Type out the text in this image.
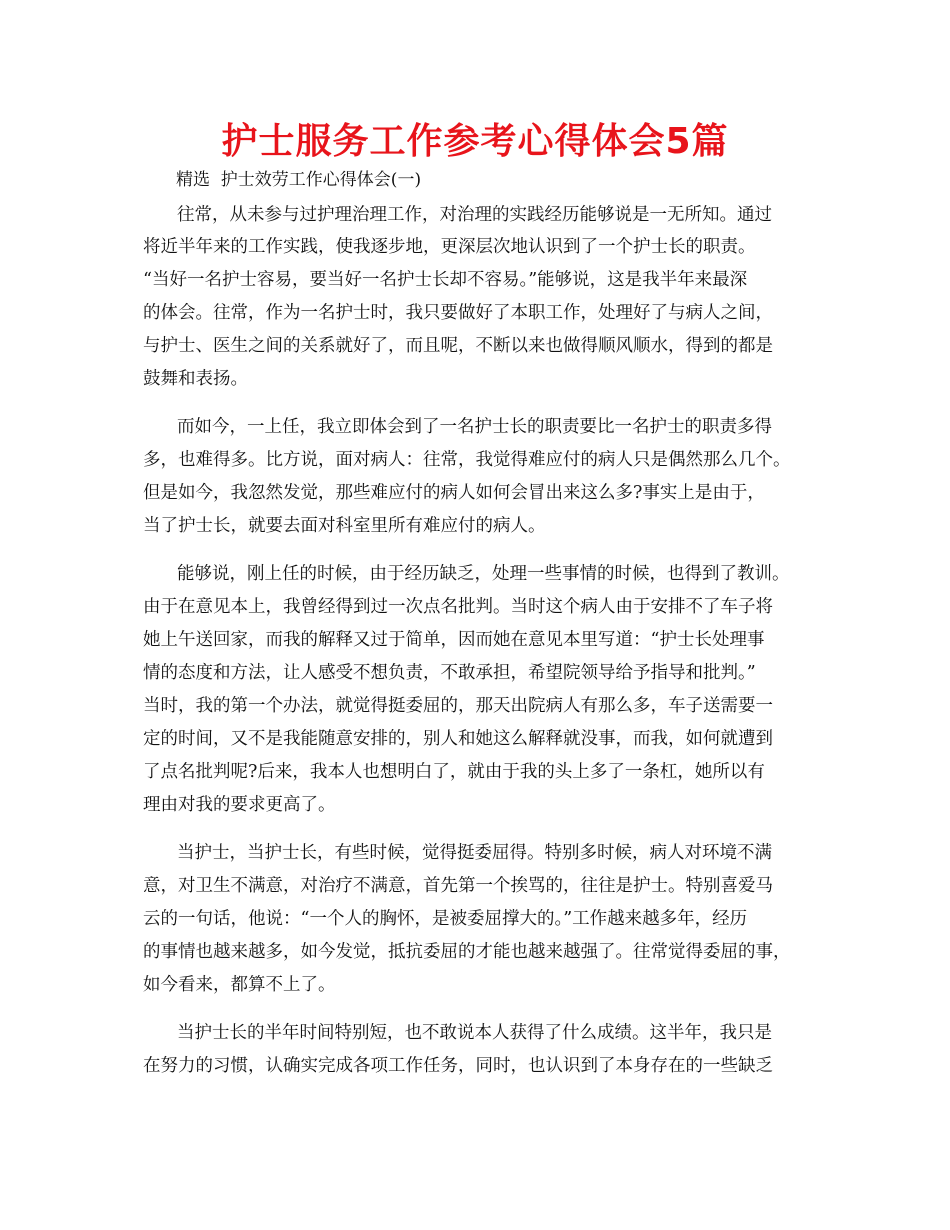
护士服务工作参考心得体会5篇
精选  护士效劳工作心得体会(一)
往常，从未参与过护理治理工作，对治理的实践经历能够说是一无所知。通过
将近半年来的工作实践，使我逐步地，更深层次地认识到了一个护士长的职责。
“当好一名护士容易，要当好一名护士长却不容易。”能够说，这是我半年来最深
的体会。往常，作为一名护士时，我只要做好了本职工作，处理好了与病人之间，
与护士、医生之间的关系就好了，而且呢，不断以来也做得顺风顺水，得到的都是
鼓舞和表扬。
而如今，一上任，我立即体会到了一名护士长的职责要比一名护士的职责多得
多，也难得多。比方说，面对病人：往常，我觉得难应付的病人只是偶然那么几个。
但是如今，我忽然发觉，那些难应付的病人如何会冒出来这么多?事实上是由于，
当了护士长，就要去面对科室里所有难应付的病人。
能够说，刚上任的时候，由于经历缺乏，处理一些事情的时候，也得到了教训。
由于在意见本上，我曾经得到过一次点名批判。当时这个病人由于安排不了车子将
她上午送回家，而我的解释又过于简单，因而她在意见本里写道：“护士长处理事
情的态度和方法，让人感受不想负责，不敢承担，希望院领导给予指导和批判。”
当时，我的第一个办法，就觉得挺委屈的，那天出院病人有那么多，车子送需要一
定的时间，又不是我能随意安排的，别人和她这么解释就没事，而我，如何就遭到
了点名批判呢?后来，我本人也想明白了，就由于我的头上多了一条杠，她所以有
理由对我的要求更高了。
当护士，当护士长，有些时候，觉得挺委屈得。特别多时候，病人对环境不满
意，对卫生不满意，对治疗不满意，首先第一个挨骂的，往往是护士。特别喜爱马
云的一句话，他说：“一个人的胸怀，是被委屈撑大的。”工作越来越多年，经历
的事情也越来越多，如今发觉，抵抗委屈的才能也越来越强了。往常觉得委屈的事，
如今看来，都算不上了。
当护士长的半年时间特别短，也不敢说本人获得了什么成绩。这半年，我只是
在努力的习惯，认确实完成各项工作任务，同时，也认识到了本身存在的一些缺乏
